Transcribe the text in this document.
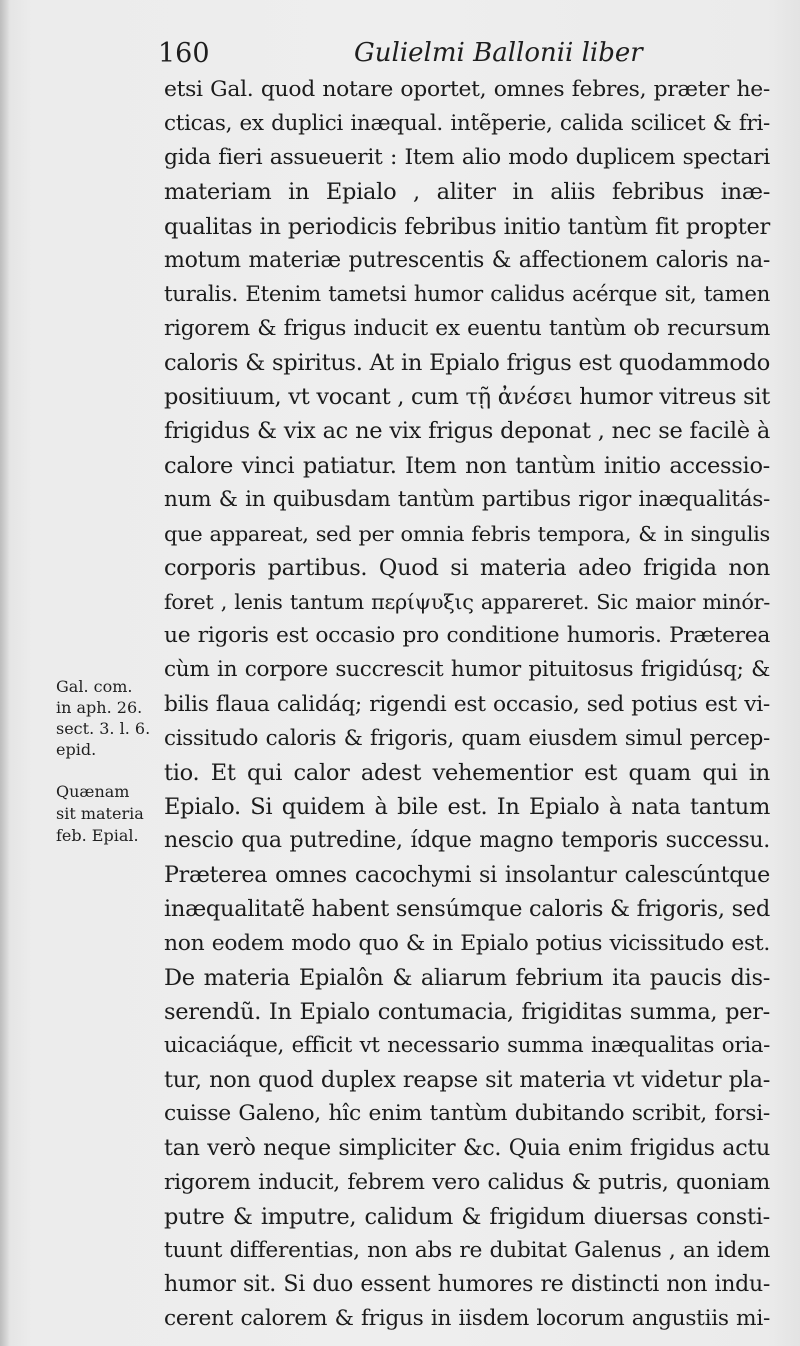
160	Gulielmi Ballonii liber
Gal. com.
in aph. 26.
sect. 3. l. 6.
epid.
Quænam
sit materia
feb. Epial.
etsi Gal. quod notare oportet, omnes febres, præter he-
cticas, ex duplici inæqual. intẽperie, calida scilicet & fri-
gida fieri assueuerit : Item alio modo duplicem spectari
materiam in Epialo , aliter in aliis febribus inæ-
qualitas in periodicis febribus initio tantùm fit propter
motum materiæ putrescentis & affectionem caloris na-
turalis. Etenim tametsi humor calidus acérque sit, tamen
rigorem & frigus inducit ex euentu tantùm ob recursum
caloris & spiritus. At in Epialo frigus est quodammodo
positiuum, vt vocant , cum τῇ ἀνέσει humor vitreus sit
frigidus & vix ac ne vix frigus deponat , nec se facilè à
calore vinci patiatur. Item non tantùm initio accessio-
num & in quibusdam tantùm partibus rigor inæqualitás-
que appareat, sed per omnia febris tempora, & in singulis
corporis partibus. Quod si materia adeo frigida non
foret , lenis tantum περίψυξις appareret. Sic maior minór-
ue rigoris est occasio pro conditione humoris. Præterea
cùm in corpore succrescit humor pituitosus frigidúsq; &
bilis flaua calidáq; rigendi est occasio, sed potius est vi-
cissitudo caloris & frigoris, quam eiusdem simul percep-
tio. Et qui calor adest vehementior est quam qui in
Epialo. Si quidem à bile est. In Epialo à nata tantum
nescio qua putredine, ídque magno temporis successu.
Præterea omnes cacochymi si insolantur calescúntque
inæqualitatẽ habent sensúmque caloris & frigoris, sed
non eodem modo quo & in Epialo potius vicissitudo est.
De materia Epialôn & aliarum febrium ita paucis dis-
serendũ. In Epialo contumacia, frigiditas summa, per-
uicaciáque, efficit vt necessario summa inæqualitas oria-
tur, non quod duplex reapse sit materia vt videtur pla-
cuisse Galeno, hîc enim tantùm dubitando scribit, forsi-
tan verò neque simpliciter &c. Quia enim frigidus actu
rigorem inducit, febrem vero calidus & putris, quoniam
putre & imputre, calidum & frigidum diuersas consti-
tuunt differentias, non abs re dubitat Galenus , an idem
humor sit. Si duo essent humores re distincti non indu-
cerent calorem & frigus in iisdem locorum angustiis mi-
